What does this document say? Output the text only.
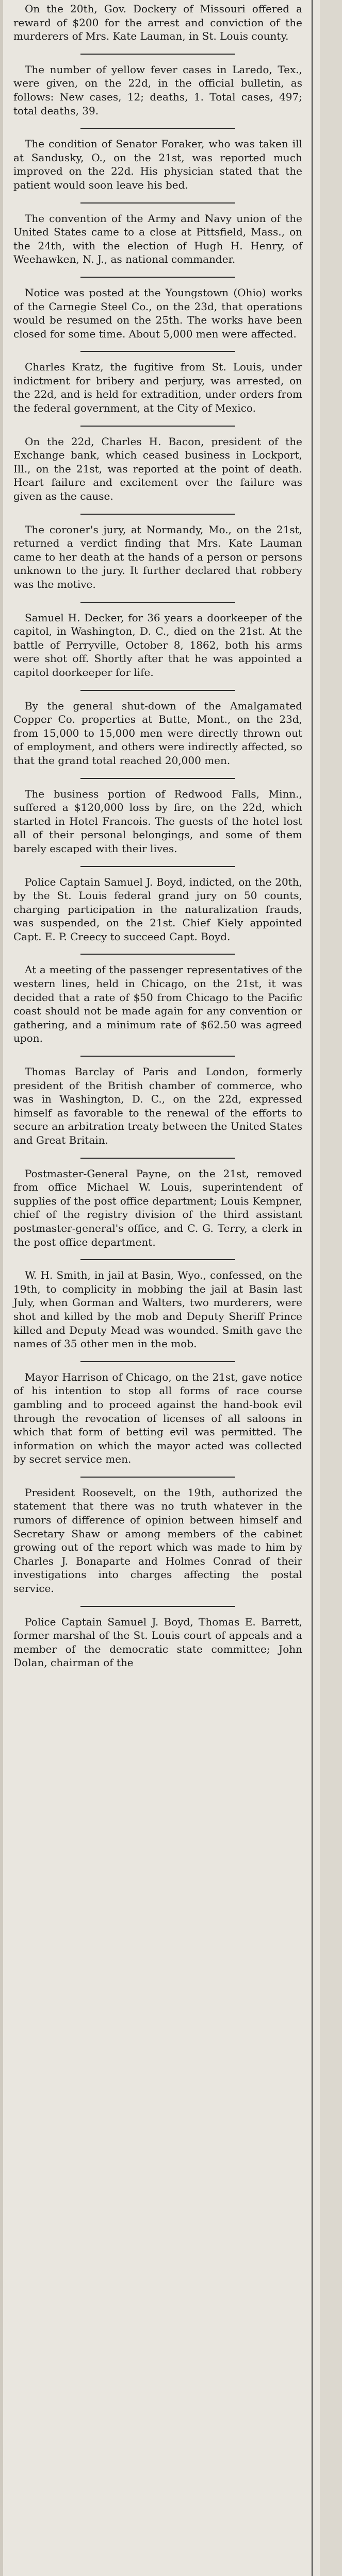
On the 20th, Gov. Dockery of Missouri offered a reward of $200 for the arrest and conviction of the murderers of Mrs. Kate Lauman, in St. Louis county.

The number of yellow fever cases in Laredo, Tex., were given, on the 22d, in the official bulletin, as follows: New cases, 12; deaths, 1. Total cases, 497; total deaths, 39.

The condition of Senator Foraker, who was taken ill at Sandusky, O., on the 21st, was reported much improved on the 22d. His physician stated that the patient would soon leave his bed.

The convention of the Army and Navy union of the United States came to a close at Pittsfield, Mass., on the 24th, with the election of Hugh H. Henry, of Weehawken, N. J., as national commander.

Notice was posted at the Youngstown (Ohio) works of the Carnegie Steel Co., on the 23d, that operations would be resumed on the 25th. The works have been closed for some time. About 5,000 men were affected.

Charles Kratz, the fugitive from St. Louis, under indictment for bribery and perjury, was arrested, on the 22d, and is held for extradition, under orders from the federal government, at the City of Mexico.

On the 22d, Charles H. Bacon, president of the Exchange bank, which ceased business in Lockport, Ill., on the 21st, was reported at the point of death. Heart failure and excitement over the failure was given as the cause.

The coroner's jury, at Normandy, Mo., on the 21st, returned a verdict finding that Mrs. Kate Lauman came to her death at the hands of a person or persons unknown to the jury. It further declared that robbery was the motive.

Samuel H. Decker, for 36 years a doorkeeper of the capitol, in Washington, D. C., died on the 21st. At the battle of Perryville, October 8, 1862, both his arms were shot off. Shortly after that he was appointed a capitol doorkeeper for life.

By the general shut-down of the Amalgamated Copper Co. properties at Butte, Mont., on the 23d, from 15,000 to 15,000 men were directly thrown out of employment, and others were indirectly affected, so that the grand total reached 20,000 men.

The business portion of Redwood Falls, Minn., suffered a $120,000 loss by fire, on the 22d, which started in Hotel Francois. The guests of the hotel lost all of their personal belongings, and some of them barely escaped with their lives.

Police Captain Samuel J. Boyd, indicted, on the 20th, by the St. Louis federal grand jury on 50 counts, charging participation in the naturalization frauds, was suspended, on the 21st. Chief Kiely appointed Capt. E. P. Creecy to succeed Capt. Boyd.

At a meeting of the passenger representatives of the western lines, held in Chicago, on the 21st, it was decided that a rate of $50 from Chicago to the Pacific coast should not be made again for any convention or gathering, and a minimum rate of $62.50 was agreed upon.

Thomas Barclay of Paris and London, formerly president of the British chamber of commerce, who was in Washington, D. C., on the 22d, expressed himself as favorable to the renewal of the efforts to secure an arbitration treaty between the United States and Great Britain.

Postmaster-General Payne, on the 21st, removed from office Michael W. Louis, superintendent of supplies of the post office department; Louis Kempner, chief of the registry division of the third assistant postmaster-general's office, and C. G. Terry, a clerk in the post office department.

W. H. Smith, in jail at Basin, Wyo., confessed, on the 19th, to complicity in mobbing the jail at Basin last July, when Gorman and Walters, two murderers, were shot and killed by the mob and Deputy Sheriff Prince killed and Deputy Mead was wounded. Smith gave the names of 35 other men in the mob.

Mayor Harrison of Chicago, on the 21st, gave notice of his intention to stop all forms of race course gambling and to proceed against the hand-book evil through the revocation of licenses of all saloons in which that form of betting evil was permitted. The information on which the mayor acted was collected by secret service men.

President Roosevelt, on the 19th, authorized the statement that there was no truth whatever in the rumors of difference of opinion between himself and Secretary Shaw or among members of the cabinet growing out of the report which was made to him by Charles J. Bonaparte and Holmes Conrad of their investigations into charges affecting the postal service.

Police Captain Samuel J. Boyd, Thomas E. Barrett, former marshal of the St. Louis court of appeals and a member of the democratic state committee; John Dolan, chairman of the
